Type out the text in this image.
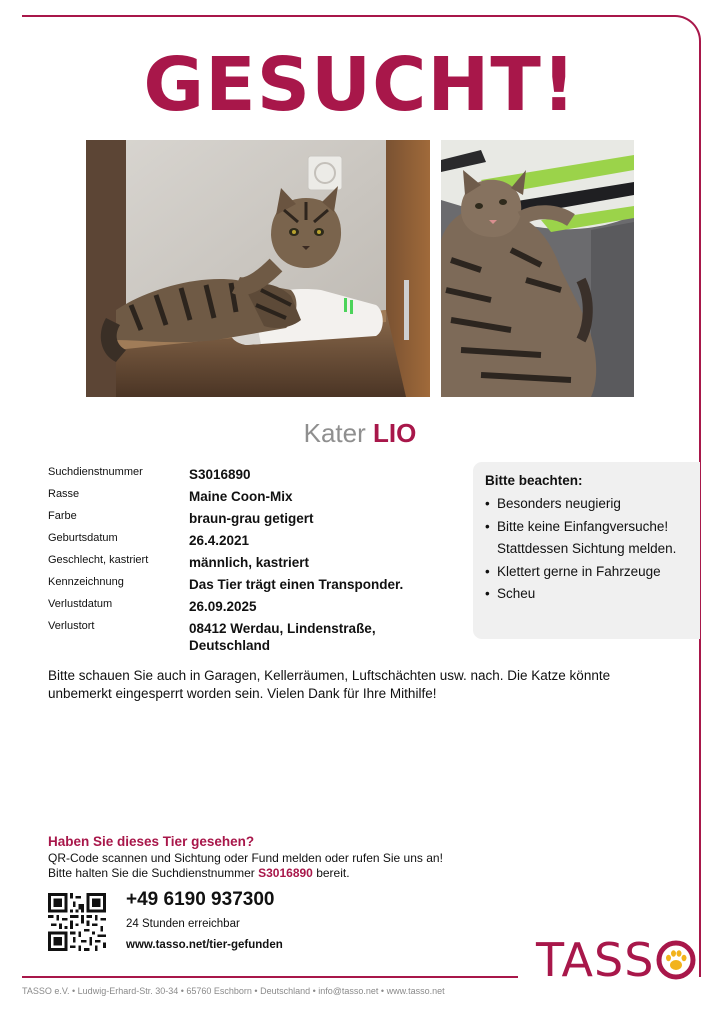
GESUCHT!
Kater LIO
Suchdienstnummer	S3016890
Rasse	Maine Coon-Mix
Farbe	braun-grau getigert
Geburtsdatum	26.4.2021
Geschlecht, kastriert	männlich, kastriert
Kennzeichnung	Das Tier trägt einen Transponder.
Verlustdatum	26.09.2025
Verlustort	08412 Werdau, Lindenstraße, Deutschland
Bitte beachten:
• Besonders neugierig
• Bitte keine Einfangversuche! Stattdessen Sichtung melden.
• Klettert gerne in Fahrzeuge
• Scheu

Bitte schauen Sie auch in Garagen, Kellerräumen, Luftschächten usw. nach. Die Katze könnte unbemerkt eingesperrt worden sein. Vielen Dank für Ihre Mithilfe!

Haben Sie dieses Tier gesehen?
QR-Code scannen und Sichtung oder Fund melden oder rufen Sie uns an!
Bitte halten Sie die Suchdienstnummer S3016890 bereit.
+49 6190 937300
24 Stunden erreichbar
www.tasso.net/tier-gefunden	TASS
TASSO e.V. • Ludwig-Erhard-Str. 30-34 • 65760 Eschborn • Deutschland • info@tasso.net • www.tasso.net
